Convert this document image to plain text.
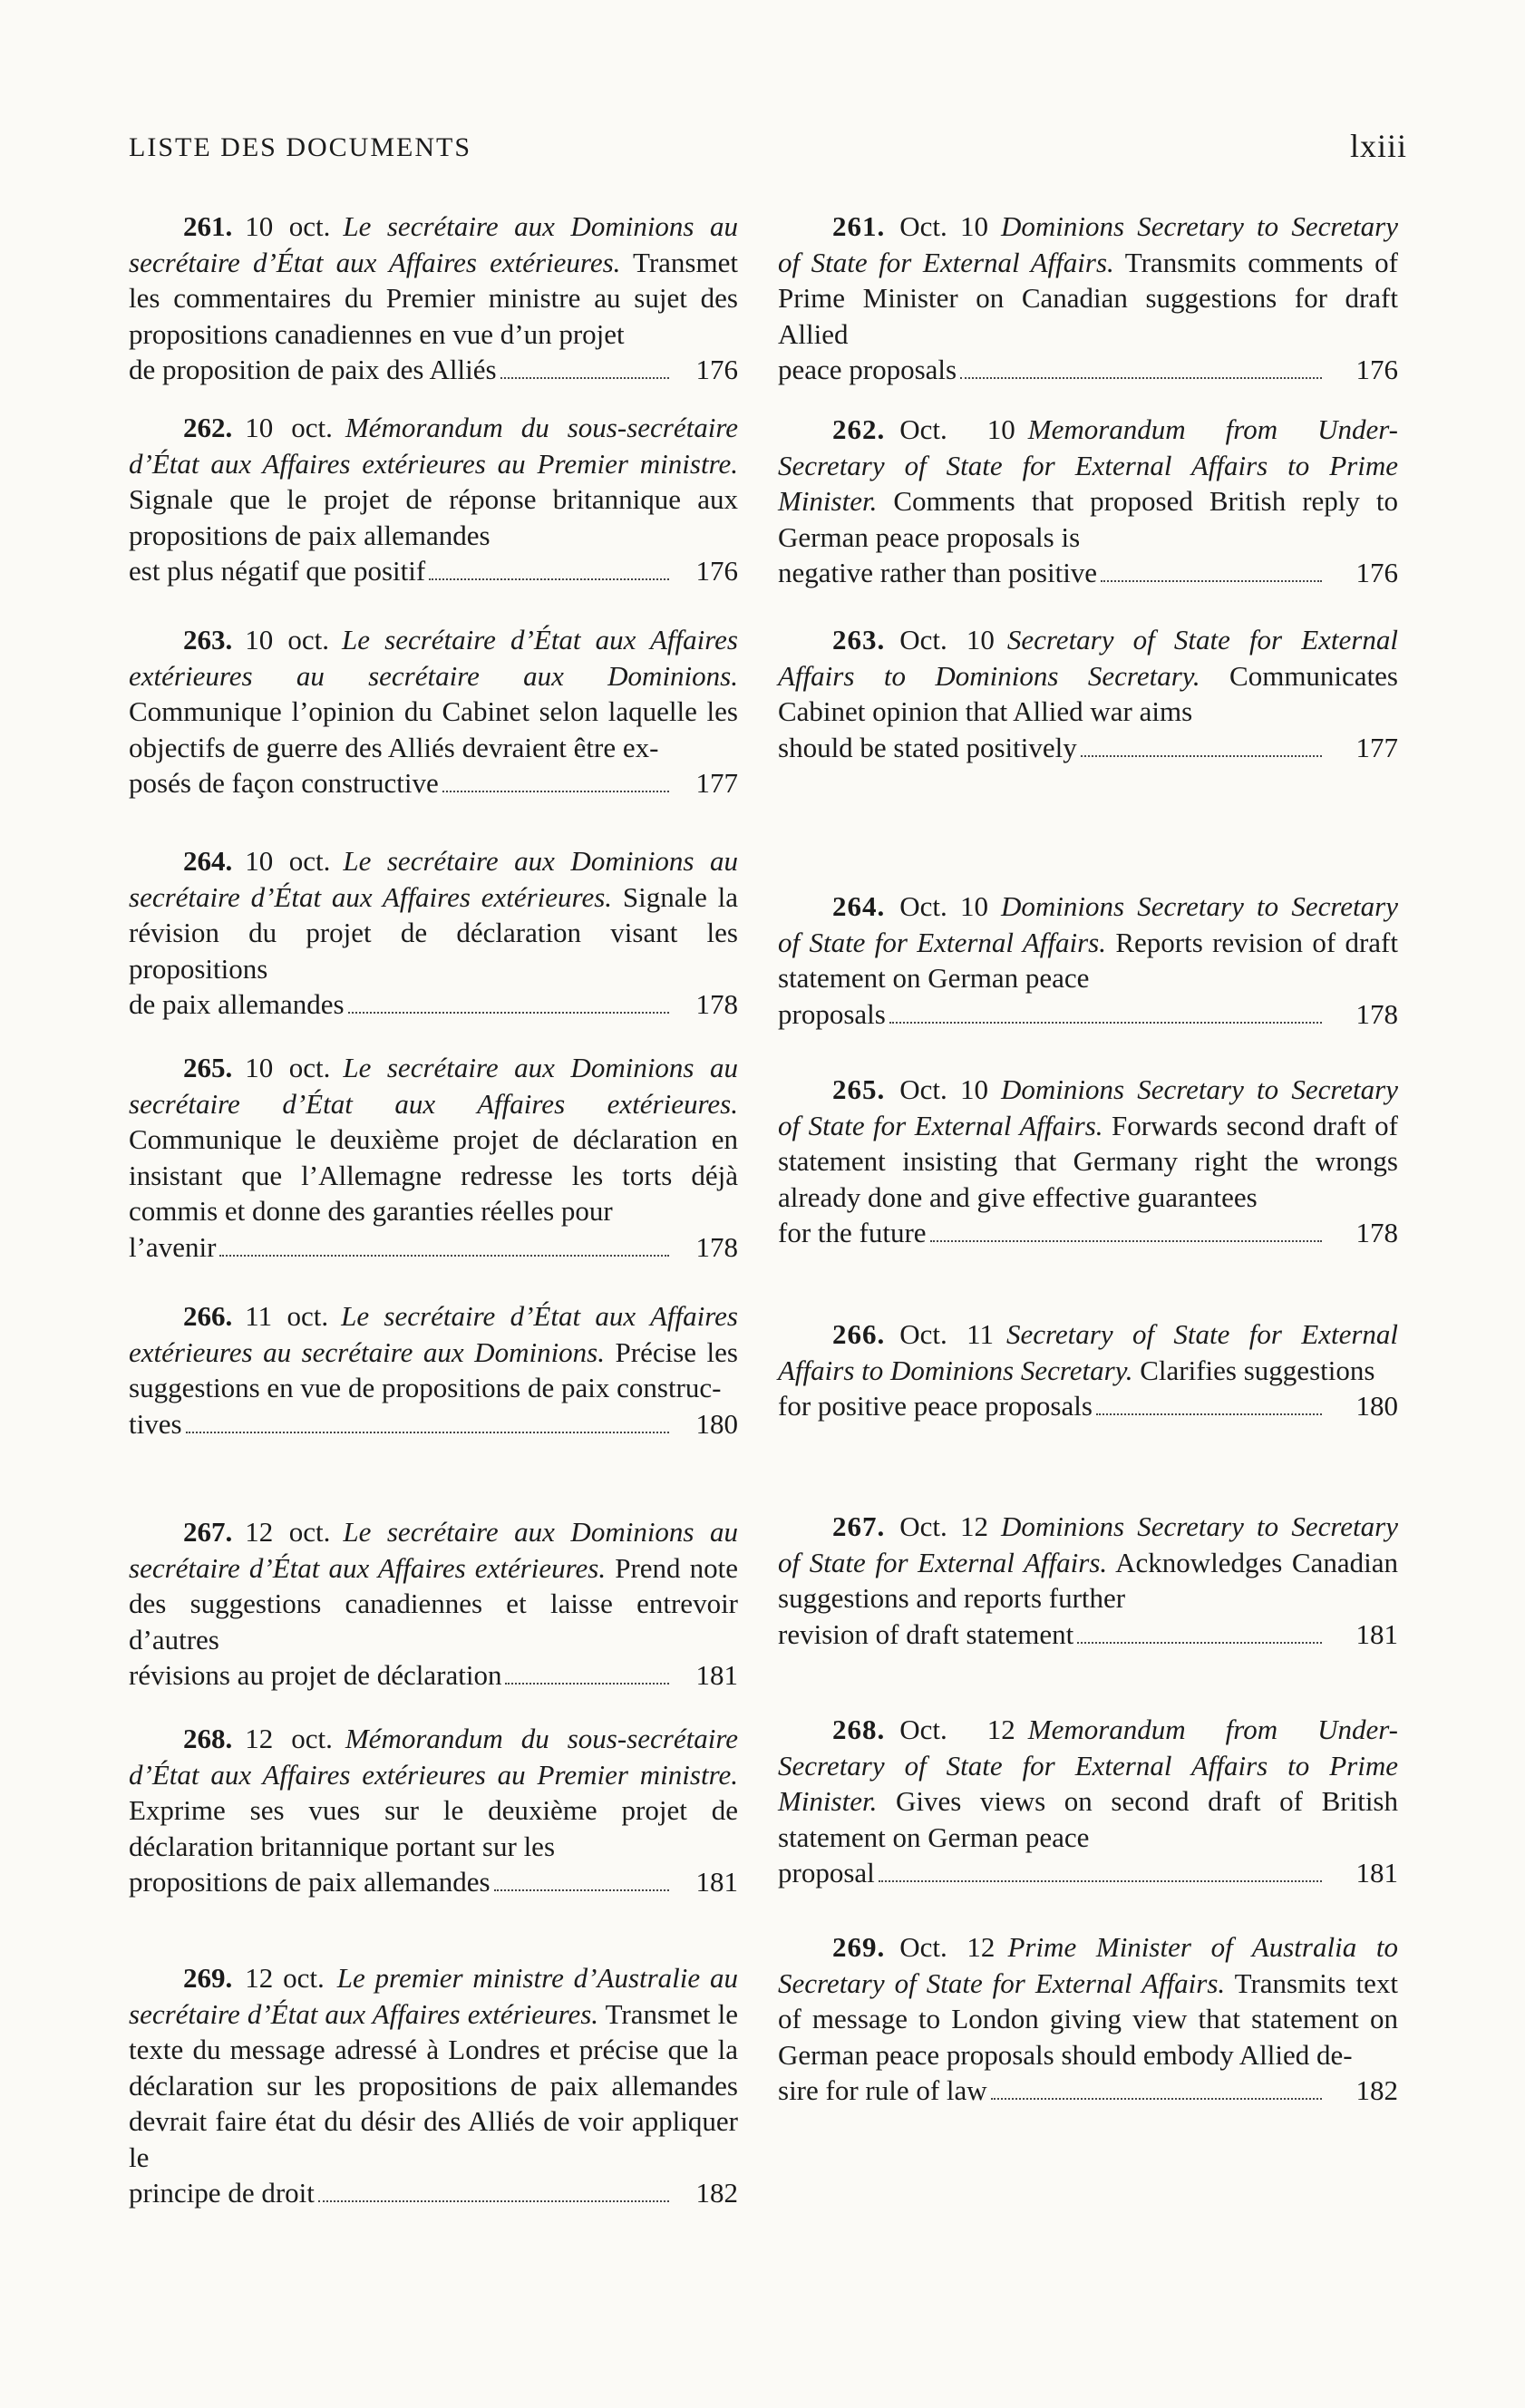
LISTE DES DOCUMENTS	lxiii

261. 10 oct. Le secrétaire aux Dominions au secrétaire d’État aux Affaires extérieures. Transmet les commentaires du Premier ministre au sujet des propositions canadiennes en vue d’un projet

de proposition de paix des Alliés	176

262. 10 oct. Mémorandum du sous-secrétaire d’État aux Affaires extérieures au Premier ministre. Signale que le projet de réponse britannique aux propositions de paix allemandes

est plus négatif que positif	176

263. 10 oct. Le secrétaire d’État aux Affaires extérieures au secrétaire aux Dominions. Communique l’opinion du Cabinet selon laquelle les objectifs de guerre des Alliés devraient être ex-

posés de façon constructive	177

264. 10 oct. Le secrétaire aux Dominions au secrétaire d’État aux Affaires extérieures. Signale la révision du projet de déclaration visant les propositions

de paix allemandes	178

265. 10 oct. Le secrétaire aux Dominions au secrétaire d’État aux Affaires extérieures. Communique le deuxième projet de déclaration en insistant que l’Allemagne redresse les torts déjà commis et donne des garanties réelles pour

l’avenir	178

266. 11 oct. Le secrétaire d’État aux Affaires extérieures au secrétaire aux Dominions. Précise les suggestions en vue de propositions de paix construc-

tives	180

267. 12 oct. Le secrétaire aux Dominions au secrétaire d’État aux Affaires extérieures. Prend note des suggestions canadiennes et laisse entrevoir d’autres

révisions au projet de déclaration	181

268. 12 oct. Mémorandum du sous-secrétaire d’État aux Affaires extérieures au Premier ministre. Exprime ses vues sur le deuxième projet de déclaration britannique portant sur les

propositions de paix allemandes	181

269. 12 oct. Le premier ministre d’Australie au secrétaire d’État aux Affaires extérieures. Transmet le texte du message adressé à Londres et précise que la déclaration sur les propositions de paix allemandes devrait faire état du désir des Alliés de voir appliquer le

principe de droit	182

261. Oct. 10 Dominions Secretary to Secretary of State for External Affairs. Transmits comments of Prime Minister on Canadian suggestions for draft Allied

peace proposals	176

262. Oct. 10 Memorandum from Under-Secretary of State for External Affairs to Prime Minister. Comments that proposed British reply to German peace proposals is

negative rather than positive	176

263. Oct. 10 Secretary of State for External Affairs to Dominions Secretary. Communicates Cabinet opinion that Allied war aims

should be stated positively	177

264. Oct. 10 Dominions Secretary to Secretary of State for External Affairs. Reports revision of draft statement on German peace

proposals	178

265. Oct. 10 Dominions Secretary to Secretary of State for External Affairs. Forwards second draft of statement insisting that Germany right the wrongs already done and give effective guarantees

for the future	178

266. Oct. 11 Secretary of State for External Affairs to Dominions Secretary. Clarifies suggestions

for positive peace proposals	180

267. Oct. 12 Dominions Secretary to Secretary of State for External Affairs. Acknowledges Canadian suggestions and reports further

revision of draft statement	181

268. Oct. 12 Memorandum from Under-Secretary of State for External Affairs to Prime Minister. Gives views on second draft of British statement on German peace

proposal	181

269. Oct. 12 Prime Minister of Australia to Secretary of State for External Affairs. Transmits text of message to London giving view that statement on German peace proposals should embody Allied de-

sire for rule of law	182
